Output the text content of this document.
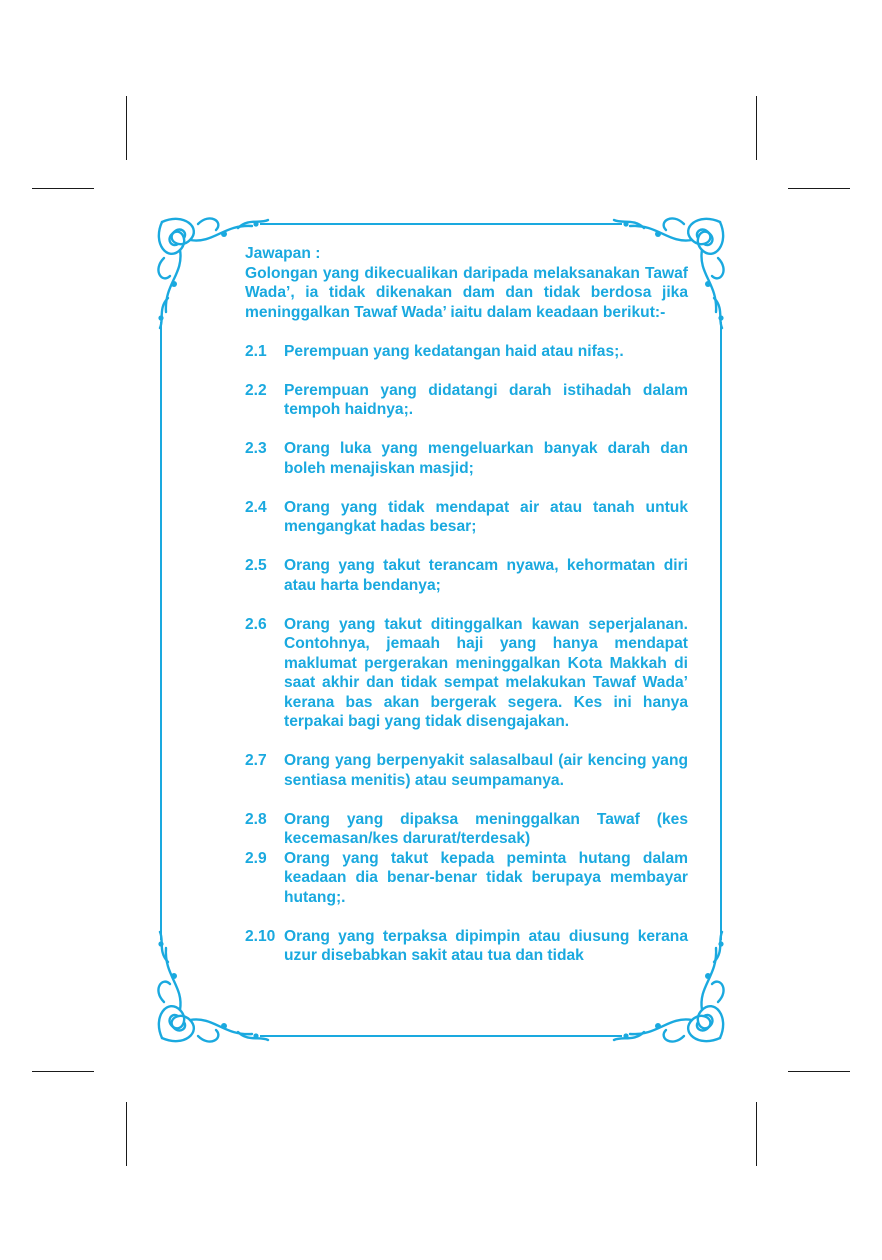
Jawapan :

Golongan yang dikecualikan daripada melaksanakan Tawaf Wada’, ia tidak dikenakan dam dan tidak berdosa jika meninggalkan Tawaf Wada’ iaitu dalam keadaan berikut:-

2.1	Perempuan yang kedatangan haid atau nifas;.
2.2	Perempuan yang didatangi darah istihadah dalam tempoh haidnya;.
2.3	Orang luka yang mengeluarkan banyak darah dan boleh menajiskan masjid;
2.4	Orang yang tidak mendapat air atau tanah untuk mengangkat hadas besar;
2.5	Orang yang takut terancam nyawa, kehormatan diri atau harta bendanya;
2.6	Orang yang takut ditinggalkan kawan seperjalanan. Contohnya, jemaah haji yang hanya mendapat maklumat pergerakan meninggalkan Kota Makkah di saat akhir dan tidak sempat melakukan Tawaf Wada’ kerana bas akan bergerak segera. Kes ini hanya terpakai bagi yang tidak disengajakan.
2.7	Orang yang berpenyakit salasalbaul (air kencing yang sentiasa menitis) atau seumpamanya.
2.8	Orang yang dipaksa meninggalkan Tawaf (kes kecemasan/kes darurat/terdesak)
2.9	Orang yang takut kepada peminta hutang dalam keadaan dia benar-benar tidak berupaya membayar hutang;.
2.10 Orang yang terpaksa dipimpin atau diusung kerana uzur disebabkan sakit atau tua dan tidak
